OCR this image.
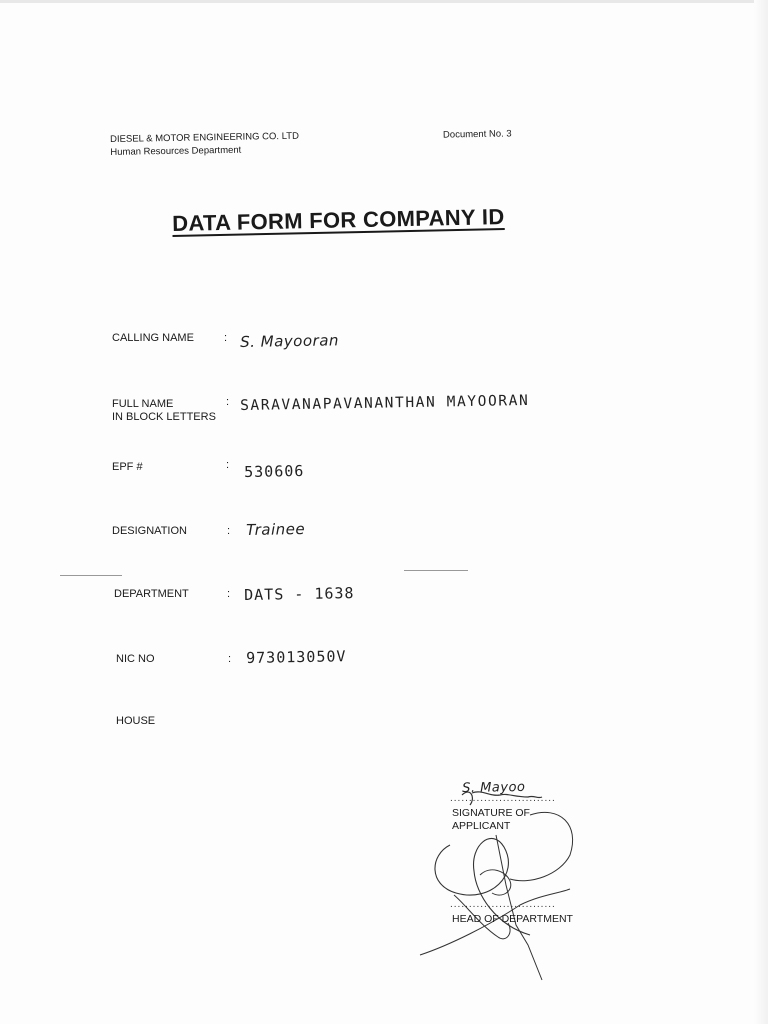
DIESEL & MOTOR ENGINEERING CO. LTD
Human Resources Department
Document No. 3
DATA FORM FOR COMPANY ID
CALLING NAME	: S. Mayooran
FULL NAME
IN BLOCK LETTERS
: SARAVANAPAVANANTHAN MAYOORAN
EPF #	: 530606
DESIGNATION	: Trainee
DEPARTMENT	: DATS - 1638
NIC NO	: 973013050V
HOUSE
S. Mayoo
............................
SIGNATURE OF
APPLICANT
............................
HEAD OF DEPARTMENT
